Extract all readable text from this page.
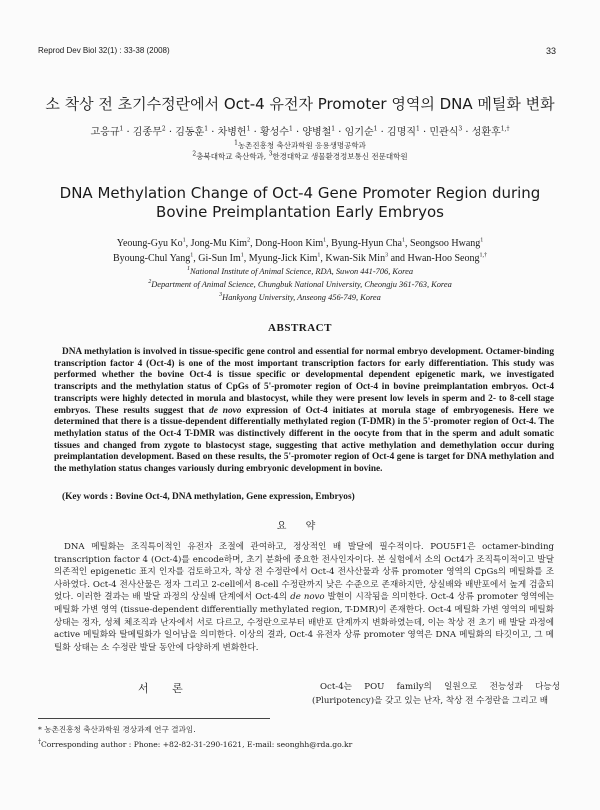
Reprod Dev Biol 32(1) : 33-38 (2008)	33
소 착상 전 초기수정란에서 Oct-4 유전자 Promoter 영역의 DNA 메틸화 변화
고응규$^1$ · 김종무$^2$ · 김동훈$^1$ · 차병헌$^1$ · 황성수$^1$ · 양병철$^1$ · 임기순$^1$ · 김명직$^1$ · 민관식$^3$ · 성환후$^{1,\dagger}$
$^1$농촌진흥청 축산과학원 응용생명공학과
$^2$충북대학교 축산학과, $^3$한경대학교 생물환경정보통신 전문대학원
DNA Methylation Change of Oct-4 Gene Promoter Region during
Bovine Preimplantation Early Embryos
Yeoung-Gyu Ko$^1$, Jong-Mu Kim$^2$, Dong-Hoon Kim$^1$, Byung-Hyun Cha$^1$, Seongsoo Hwang$^1$
Byoung-Chul Yang$^1$, Gi-Sun Im$^1$, Myung-Jick Kim$^1$, Kwan-Sik Min$^3$ and Hwan-Hoo Seong$^{1,\dagger}$
$^1$National Institute of Animal Science, RDA, Suwon 441-706, Korea
$^2$Department of Animal Science, Chungbuk National University, Cheongju 361-763, Korea
$^3$Hankyong University, Anseong 456-749, Korea
ABSTRACT
DNA methylation is involved in tissue-specific gene control and essential for normal embryo development. Octamer-binding transcription factor 4 (Oct-4) is one of the most important transcription factors for early differentiation. This study was performed whether the bovine Oct-4 is tissue specific or developmental dependent epigenetic mark, we investigated transcripts and the methylation status of CpGs of 5'-promoter region of Oct-4 in bovine preimplantation embryos. Oct-4 transcripts were highly detected in morula and blastocyst, while they were present low levels in sperm and 2- to 8-cell stage embryos. These results suggest that de novo expression of Oct-4 initiates at morula stage of embryogenesis. Here we determined that there is a tissue-dependent differentially methylated region (T-DMR) in the 5'-promoter region of Oct-4. The methylation status of the Oct-4 T-DMR was distinctively different in the oocyte from that in the sperm and adult somatic tissues and changed from zygote to blastocyst stage, suggesting that active methylation and demethylation occur during preimplantation development. Based on these results, the 5'-promoter region of Oct-4 gene is target for DNA methylation and the methylation status changes variously during embryonic development in bovine.
(Key words : Bovine Oct-4, DNA methylation, Gene expression, Embryos)
요 약
DNA 메틸화는 조직특이적인 유전자 조절에 관여하고, 정상적인 배 발달에 필수적이다. POU5F1은 octamer-binding transcription factor 4 (Oct-4)를 encode하며, 초기 분화에 중요한 전사인자이다. 본 실험에서 소의 Oct4가 조직특이적이고 발달의존적인 epigenetic 표지 인자를 검토하고자, 착상 전 수정란에서 Oct-4 전사산물과 상류 promoter 영역의 CpGs의 메틸화를 조사하였다. Oct-4 전사산물은 정자 그리고 2-cell에서 8-cell 수정란까지 낮은 수준으로 존재하지만, 상실배와 배반포에서 높게 검출되었다. 이러한 결과는 배 발달 과정의 상실배 단계에서 Oct-4의 de novo 발현이 시작됨을 의미한다. Oct-4 상류 promoter 영역에는 메틸화 가변 영역 (tissue-dependent differentially methylated region, T-DMR)이 존재한다. Oct-4 메틸화 가변 영역의 메틸화 상태는 정자, 성체 체조직과 난자에서 서로 다르고, 수정란으로부터 배반포 단계까지 변화하였는데, 이는 착상 전 초기 배 발달 과정에 active 메틸화와 탈메틸화가 일어남을 의미한다. 이상의 결과, Oct-4 유전자 상류 promoter 영역은 DNA 메틸화의 타깃이고, 그 메틸화 상태는 소 수정란 발달 동안에 다양하게 변화한다.
서 론	Oct-4는 POU family의 일원으로 전능성과 다능성(Pluripotency)을 갖고 있는 난자, 착상 전 수정란을 그리고 배
* 농촌진흥청 축산과학원 경상과제 연구 결과임.
†Corresponding author : Phone: +82-82-31-290-1621, E-mail: seonghh@rda.go.kr
